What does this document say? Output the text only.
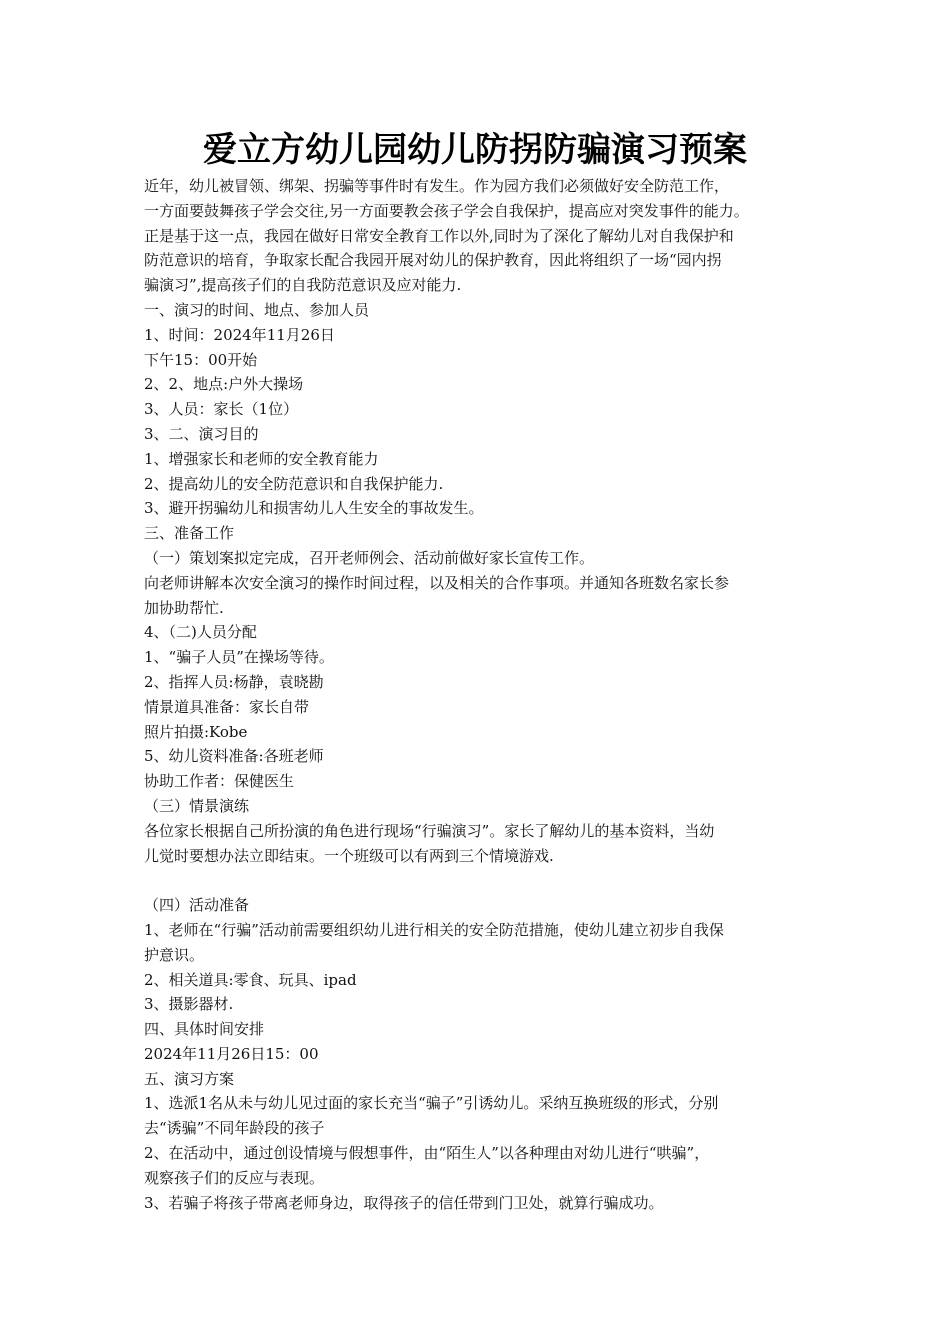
爱立方幼儿园幼儿防拐防骗演习预案
近年，幼儿被冒领、绑架、拐骗等事件时有发生。作为园方我们必须做好安全防范工作，
一方面要鼓舞孩子学会交往,另一方面要教会孩子学会自我保护，提高应对突发事件的能力。
正是基于这一点，我园在做好日常安全教育工作以外,同时为了深化了解幼儿对自我保护和
防范意识的培育，争取家长配合我园开展对幼儿的保护教育，因此将组织了一场“园内拐
骗演习”,提高孩子们的自我防范意识及应对能力.
一、演习的时间、地点、参加人员
1、时间：2024年11月26日
下午15：00开始
2、2、地点:户外大操场
3、人员：家长（1位）
3、二、演习目的
1、增强家长和老师的安全教育能力
2、提高幼儿的安全防范意识和自我保护能力.
3、避开拐骗幼儿和损害幼儿人生安全的事故发生。
三、准备工作
（一）策划案拟定完成，召开老师例会、活动前做好家长宣传工作。
向老师讲解本次安全演习的操作时间过程，以及相关的合作事项。并通知各班数名家长参
加协助帮忙.
4、（二)人员分配
1、“骗子人员”在操场等待。
2、指挥人员:杨静，袁晓勘
情景道具准备：家长自带
照片拍摄:Kobe
5、幼儿资料准备:各班老师
协助工作者：保健医生
（三）情景演练
各位家长根据自己所扮演的角色进行现场“行骗演习”。家长了解幼儿的基本资料，当幼
儿觉时要想办法立即结束。一个班级可以有两到三个情境游戏.
（四）活动准备
1、老师在“行骗”活动前需要组织幼儿进行相关的安全防范措施，使幼儿建立初步自我保
护意识。
2、相关道具:零食、玩具、ipad
3、摄影器材.
四、具体时间安排
2024年11月26日15：00
五、演习方案
1、选派1名从未与幼儿见过面的家长充当“骗子”引诱幼儿。采纳互换班级的形式，分别
去“诱骗”不同年龄段的孩子
2、在活动中，通过创设情境与假想事件，由“陌生人”以各种理由对幼儿进行“哄骗”，
观察孩子们的反应与表现。
3、若骗子将孩子带离老师身边，取得孩子的信任带到门卫处，就算行骗成功。
